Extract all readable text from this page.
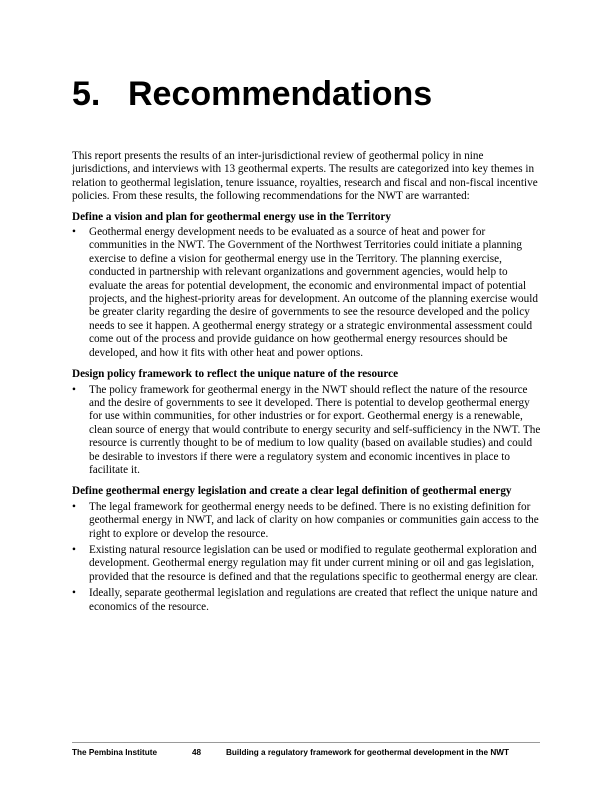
5. Recommendations

This report presents the results of an inter-jurisdictional review of geothermal policy in nine jurisdictions, and interviews with 13 geothermal experts. The results are categorized into key themes in relation to geothermal legislation, tenure issuance, royalties, research and fiscal and non-fiscal incentive policies. From these results, the following recommendations for the NWT are warranted:

Define a vision and plan for geothermal energy use in the Territory

• Geothermal energy development needs to be evaluated as a source of heat and power for communities in the NWT. The Government of the Northwest Territories could initiate a planning exercise to define a vision for geothermal energy use in the Territory. The planning exercise, conducted in partnership with relevant organizations and government agencies, would help to evaluate the areas for potential development, the economic and environmental impact of potential projects, and the highest-priority areas for development. An outcome of the planning exercise would be greater clarity regarding the desire of governments to see the resource developed and the policy needs to see it happen. A geothermal energy strategy or a strategic environmental assessment could come out of the process and provide guidance on how geothermal energy resources should be developed, and how it fits with other heat and power options.

Design policy framework to reflect the unique nature of the resource

• The policy framework for geothermal energy in the NWT should reflect the nature of the resource and the desire of governments to see it developed. There is potential to develop geothermal energy for use within communities, for other industries or for export. Geothermal energy is a renewable, clean source of energy that would contribute to energy security and self-sufficiency in the NWT. The resource is currently thought to be of medium to low quality (based on available studies) and could be desirable to investors if there were a regulatory system and economic incentives in place to facilitate it.

Define geothermal energy legislation and create a clear legal definition of geothermal energy

• The legal framework for geothermal energy needs to be defined. There is no existing definition for geothermal energy in NWT, and lack of clarity on how companies or communities gain access to the right to explore or develop the resource.
• Existing natural resource legislation can be used or modified to regulate geothermal exploration and development. Geothermal energy regulation may fit under current mining or oil and gas legislation, provided that the resource is defined and that the regulations specific to geothermal energy are clear.
• Ideally, separate geothermal legislation and regulations are created that reflect the unique nature and economics of the resource.
The Pembina Institute	48	Building a regulatory framework for geothermal development in the NWT
